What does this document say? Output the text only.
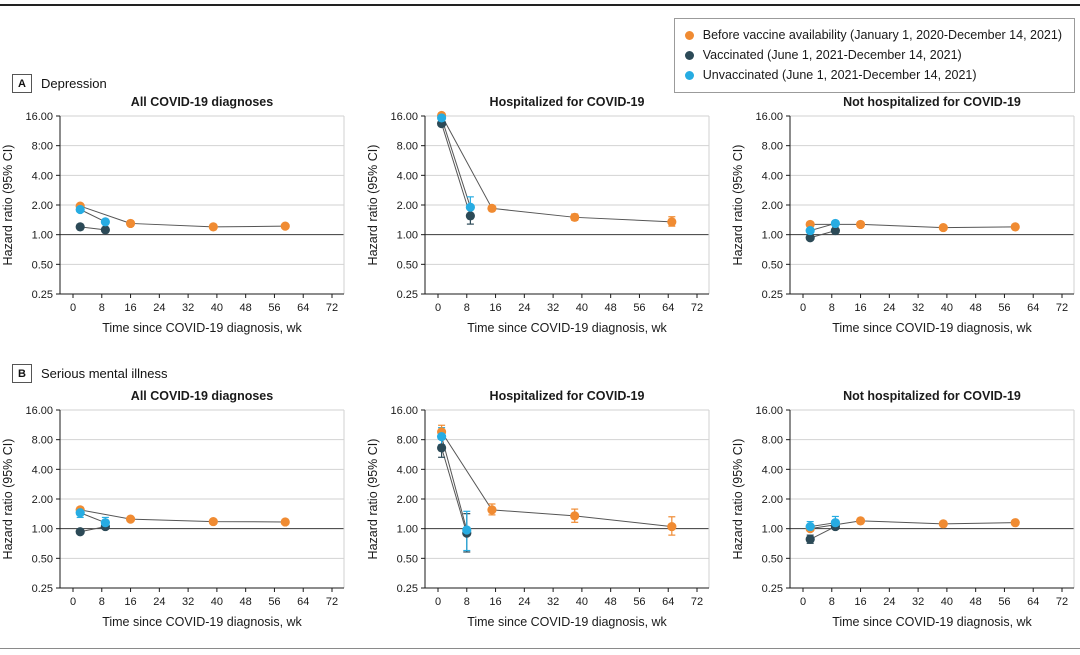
Before vaccine availability (January 1, 2020-December 14, 2021)
Vaccinated (June 1, 2021-December 14, 2021)
Unvaccinated (June 1, 2021-December 14, 2021)
A	Depression
16.00
8:00
4.00
2.00
1.00
0.50
0.25
0 8 16 24 32 40 48 56 64 72
All COVID-19 diagnoses
Time since COVID-19 diagnosis, wk
Hazard ratio (95% CI)
16.00
8.00
4.00
2.00
1.00
0.50
0.25
0 8 16 24 32 40 48 56 64 72
Hospitalized for COVID-19
Time since COVID-19 diagnosis, wk
Hazard ratio (95% CI)
16.00
8.00
4.00
2.00
1.00
0.50
0.25
0 8 16 24 32 40 48 56 64 72
Not hospitalized for COVID-19
Time since COVID-19 diagnosis, wk
Hazard ratio (95% CI)
B	Serious mental illness
16.00
8.00
4.00
2.00
1.00
0.50
0.25
0 8 16 24 32 40 48 56 64 72
All COVID-19 diagnoses
Time since COVID-19 diagnosis, wk
Hazard ratio (95% CI)
16.00
8.00
4.00
2.00
1.00
0.50
0.25
0 8 16 24 32 40 48 56 64 72
Hospitalized for COVID-19
Time since COVID-19 diagnosis, wk
Hazard ratio (95% CI)
16.00
8.00
4.00
2.00
1.00
0.50
0.25
0 8 16 24 32 40 48 56 64 72
Not hospitalized for COVID-19
Time since COVID-19 diagnosis, wk
Hazard ratio (95% CI)
